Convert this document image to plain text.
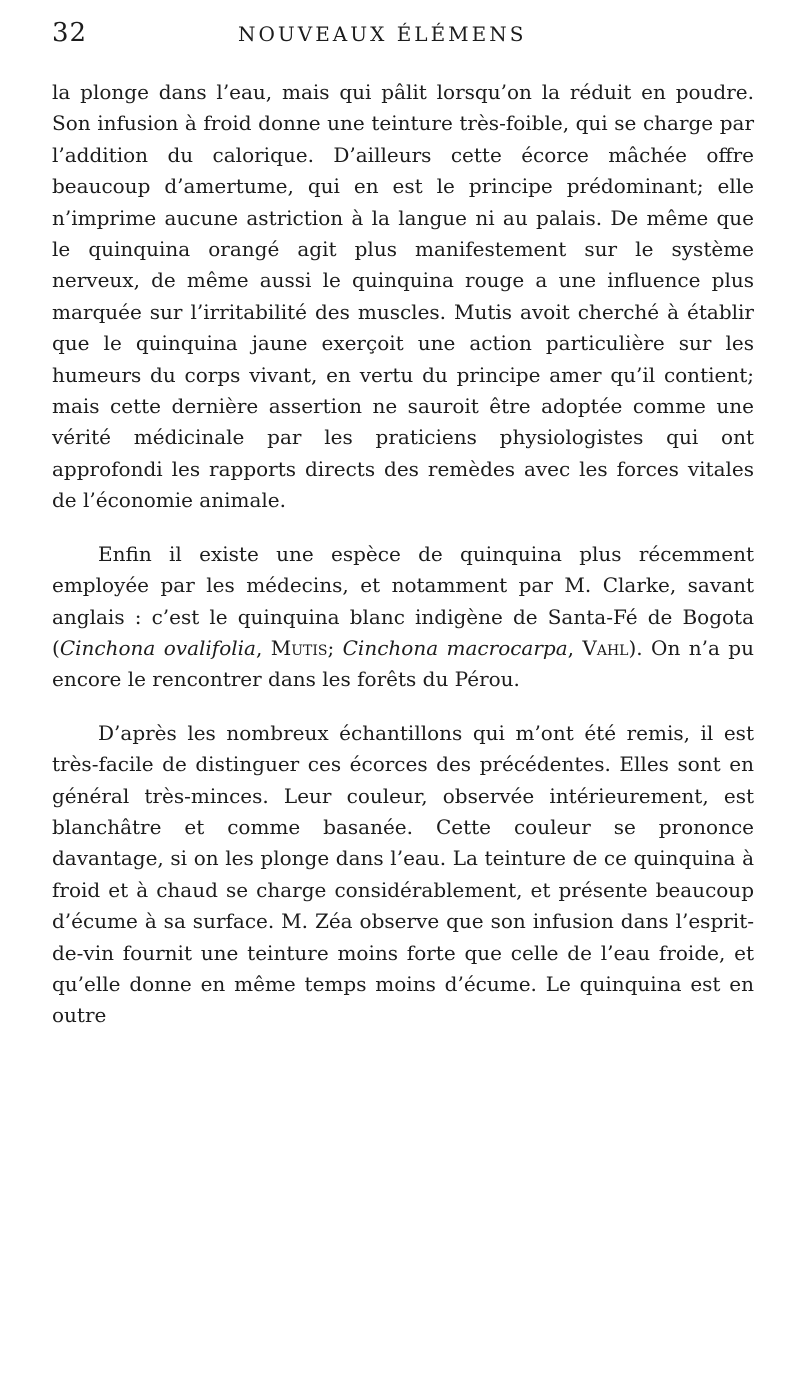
32	NOUVEAUX ÉLÉMENS

la plonge dans l’eau, mais qui pâlit lorsqu’on la réduit en poudre. Son infusion à froid donne une teinture très-foible, qui se charge par l’addition du calorique. D’ailleurs cette écorce mâchée offre beaucoup d’amertume, qui en est le principe prédominant; elle n’imprime aucune astriction à la langue ni au palais. De même que le quinquina orangé agit plus manifestement sur le système nerveux, de même aussi le quinquina rouge a une influence plus marquée sur l’irritabilité des muscles. Mutis avoit cherché à établir que le quinquina jaune exerçoit une action particulière sur les humeurs du corps vivant, en vertu du principe amer qu’il contient; mais cette dernière assertion ne sauroit être adoptée comme une vérité médicinale par les praticiens physiologistes qui ont approfondi les rapports directs des remèdes avec les forces vitales de l’économie animale.

Enfin il existe une espèce de quinquina plus récemment employée par les médecins, et notamment par M. Clarke, savant anglais : c’est le quinquina blanc indigène de Santa-Fé de Bogota (Cinchona ovalifolia, Mutis; Cinchona macrocarpa, Vahl). On n’a pu encore le rencontrer dans les forêts du Pérou.

D’après les nombreux échantillons qui m’ont été remis, il est très-facile de distinguer ces écorces des précédentes. Elles sont en général très-minces. Leur couleur, observée intérieurement, est blanchâtre et comme basanée. Cette couleur se prononce davantage, si on les plonge dans l’eau. La teinture de ce quinquina à froid et à chaud se charge considérablement, et présente beaucoup d’écume à sa surface. M. Zéa observe que son infusion dans l’esprit-de-vin fournit une teinture moins forte que celle de l’eau froide, et qu’elle donne en même temps moins d’écume. Le quinquina est en outre
